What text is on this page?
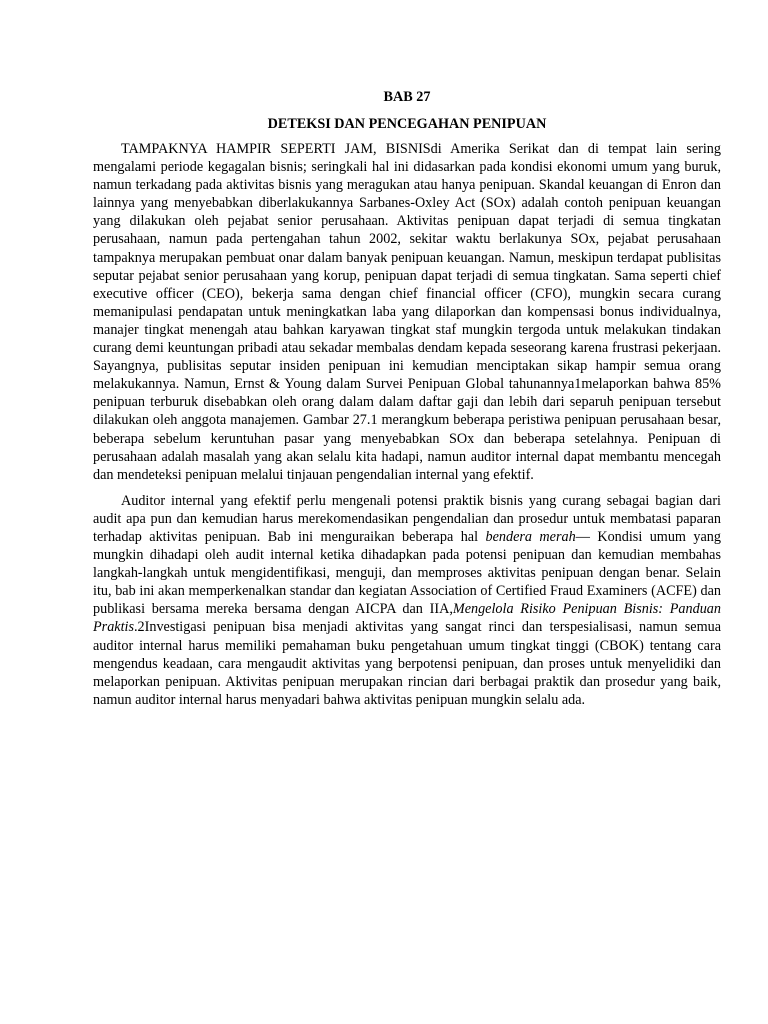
BAB 27
DETEKSI DAN PENCEGAHAN PENIPUAN

TAMPAKNYA HAMPIR SEPERTI JAM, BISNISdi Amerika Serikat dan di tempat lain sering mengalami periode kegagalan bisnis; seringkali hal ini didasarkan pada kondisi ekonomi umum yang buruk, namun terkadang pada aktivitas bisnis yang meragukan atau hanya penipuan. Skandal keuangan di Enron dan lainnya yang menyebabkan diberlakukannya Sarbanes-Oxley Act (SOx) adalah contoh penipuan keuangan yang dilakukan oleh pejabat senior perusahaan. Aktivitas penipuan dapat terjadi di semua tingkatan perusahaan, namun pada pertengahan tahun 2002, sekitar waktu berlakunya SOx, pejabat perusahaan tampaknya merupakan pembuat onar dalam banyak penipuan keuangan. Namun, meskipun terdapat publisitas seputar pejabat senior perusahaan yang korup, penipuan dapat terjadi di semua tingkatan. Sama seperti chief executive officer (CEO), bekerja sama dengan chief financial officer (CFO), mungkin secara curang memanipulasi pendapatan untuk meningkatkan laba yang dilaporkan dan kompensasi bonus individualnya, manajer tingkat menengah atau bahkan karyawan tingkat staf mungkin tergoda untuk melakukan tindakan curang demi keuntungan pribadi atau sekadar membalas dendam kepada seseorang karena frustrasi pekerjaan. Sayangnya, publisitas seputar insiden penipuan ini kemudian menciptakan sikap hampir semua orang melakukannya. Namun, Ernst & Young dalam Survei Penipuan Global tahunannya1melaporkan bahwa 85% penipuan terburuk disebabkan oleh orang dalam dalam daftar gaji dan lebih dari separuh penipuan tersebut dilakukan oleh anggota manajemen. Gambar 27.1 merangkum beberapa peristiwa penipuan perusahaan besar, beberapa sebelum keruntuhan pasar yang menyebabkan SOx dan beberapa setelahnya. Penipuan di perusahaan adalah masalah yang akan selalu kita hadapi, namun auditor internal dapat membantu mencegah dan mendeteksi penipuan melalui tinjauan pengendalian internal yang efektif.

Auditor internal yang efektif perlu mengenali potensi praktik bisnis yang curang sebagai bagian dari audit apa pun dan kemudian harus merekomendasikan pengendalian dan prosedur untuk membatasi paparan terhadap aktivitas penipuan. Bab ini menguraikan beberapa hal bendera merah— Kondisi umum yang mungkin dihadapi oleh audit internal ketika dihadapkan pada potensi penipuan dan kemudian membahas langkah-langkah untuk mengidentifikasi, menguji, dan memproses aktivitas penipuan dengan benar. Selain itu, bab ini akan memperkenalkan standar dan kegiatan Association of Certified Fraud Examiners (ACFE) dan publikasi bersama mereka bersama dengan AICPA dan IIA,Mengelola Risiko Penipuan Bisnis: Panduan Praktis.2Investigasi penipuan bisa menjadi aktivitas yang sangat rinci dan terspesialisasi, namun semua auditor internal harus memiliki pemahaman buku pengetahuan umum tingkat tinggi (CBOK) tentang cara mengendus keadaan, cara mengaudit aktivitas yang berpotensi penipuan, dan proses untuk menyelidiki dan melaporkan penipuan. Aktivitas penipuan merupakan rincian dari berbagai praktik dan prosedur yang baik, namun auditor internal harus menyadari bahwa aktivitas penipuan mungkin selalu ada.
